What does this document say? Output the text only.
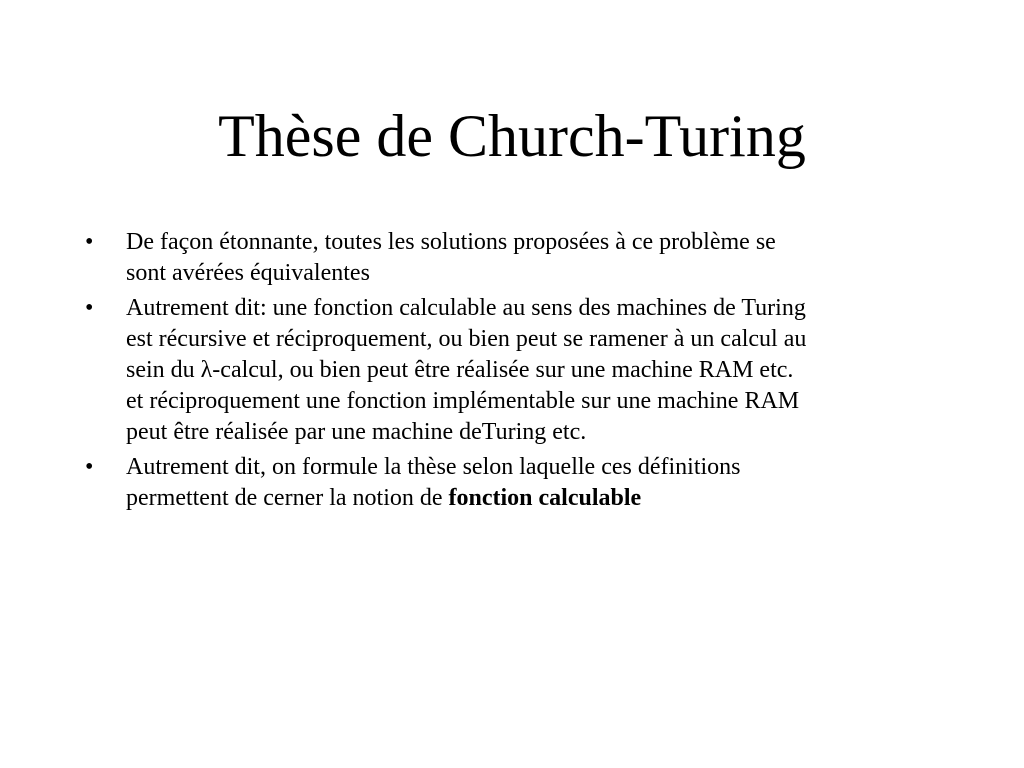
Thèse de Church-Turing
•	De façon étonnante, toutes les solutions proposées à ce problème se
sont avérées équivalentes
•	Autrement dit: une fonction calculable au sens des machines de Turing
est récursive et réciproquement, ou bien peut se ramener à un calcul au
sein du λ-calcul, ou bien peut être réalisée sur une machine RAM etc.
et réciproquement une fonction implémentable sur une machine RAM
peut être réalisée par une machine deTuring etc.
•	Autrement dit, on formule la thèse selon laquelle ces définitions
permettent de cerner la notion de fonction calculable
